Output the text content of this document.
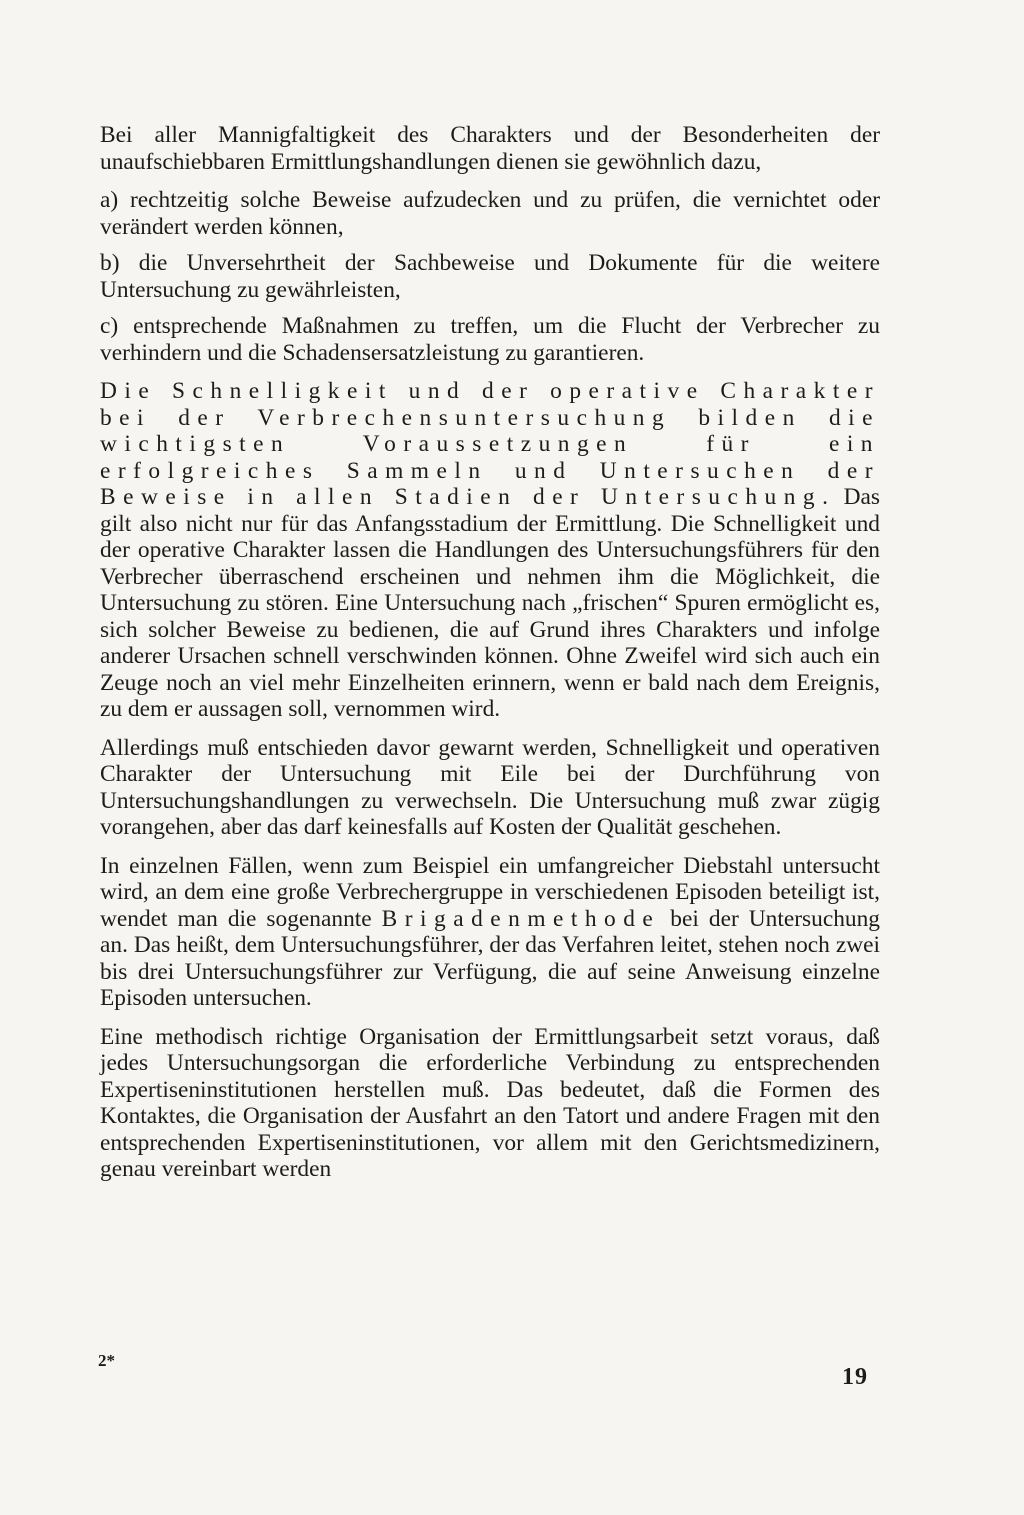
Bei aller Mannigfaltigkeit des Charakters und der Besonderheiten der unaufschiebbaren Ermittlungshandlungen dienen sie gewöhnlich dazu,

a) rechtzeitig solche Beweise aufzudecken und zu prüfen, die vernichtet oder verändert werden können,

b) die Unversehrtheit der Sachbeweise und Dokumente für die weitere Untersuchung zu gewährleisten,

c) entsprechende Maßnahmen zu treffen, um die Flucht der Verbrecher zu verhindern und die Schadensersatzleistung zu garantieren.

Die Schnelligkeit und der operative Charakter bei der Verbrechensuntersuchung bilden die wichtigsten Voraussetzungen für ein erfolgreiches Sammeln und Untersuchen der Beweise in allen Stadien der Untersuchung. Das gilt also nicht nur für das Anfangsstadium der Ermittlung. Die Schnelligkeit und der operative Charakter lassen die Handlungen des Untersuchungsführers für den Verbrecher überraschend erscheinen und nehmen ihm die Möglichkeit, die Untersuchung zu stören. Eine Untersuchung nach „frischen“ Spuren ermöglicht es, sich solcher Beweise zu bedienen, die auf Grund ihres Charakters und infolge anderer Ursachen schnell verschwinden können. Ohne Zweifel wird sich auch ein Zeuge noch an viel mehr Einzelheiten erinnern, wenn er bald nach dem Ereignis, zu dem er aussagen soll, vernommen wird.

Allerdings muß entschieden davor gewarnt werden, Schnelligkeit und operativen Charakter der Untersuchung mit Eile bei der Durchführung von Untersuchungshandlungen zu verwechseln. Die Untersuchung muß zwar zügig vorangehen, aber das darf keinesfalls auf Kosten der Qualität geschehen.

In einzelnen Fällen, wenn zum Beispiel ein umfangreicher Diebstahl untersucht wird, an dem eine große Verbrechergruppe in verschiedenen Episoden beteiligt ist, wendet man die sogenannte Brigadenmethode bei der Untersuchung an. Das heißt, dem Untersuchungsführer, der das Verfahren leitet, stehen noch zwei bis drei Untersuchungsführer zur Verfügung, die auf seine Anweisung einzelne Episoden untersuchen.

Eine methodisch richtige Organisation der Ermittlungsarbeit setzt voraus, daß jedes Untersuchungsorgan die erforderliche Verbindung zu entsprechenden Expertiseninstitutionen herstellen muß. Das bedeutet, daß die Formen des Kontaktes, die Organisation der Ausfahrt an den Tatort und andere Fragen mit den entsprechenden Expertiseninstitutionen, vor allem mit den Gerichtsmedizinern, genau vereinbart werden

2*
19
